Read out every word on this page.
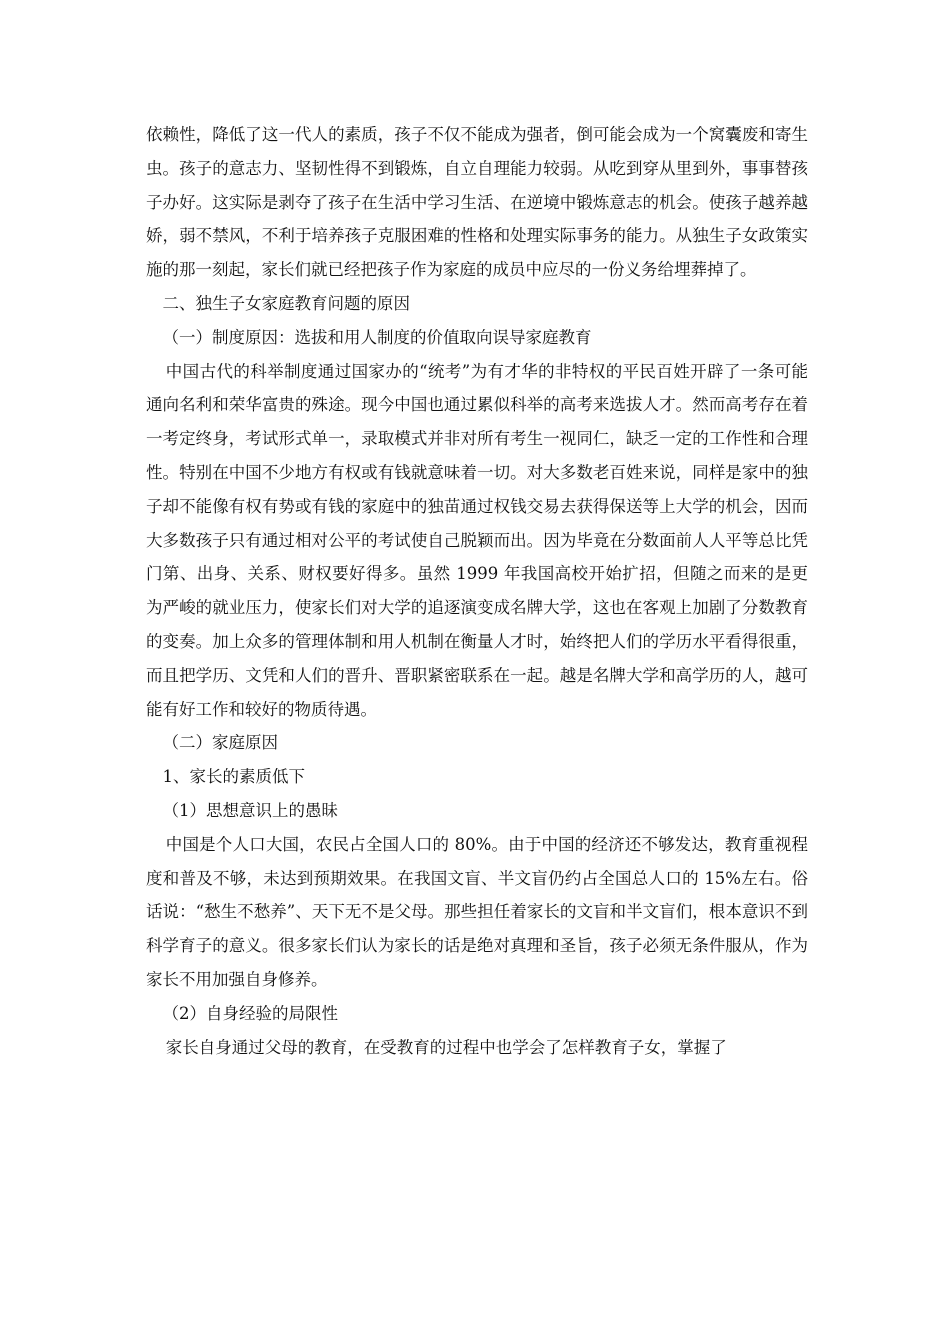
依赖性，降低了这一代人的素质，孩子不仅不能成为强者，倒可能会成为一个窝囊废和寄生虫。孩子的意志力、坚韧性得不到锻炼，自立自理能力较弱。从吃到穿从里到外，事事替孩子办好。这实际是剥夺了孩子在生活中学习生活、在逆境中锻炼意志的机会。使孩子越养越娇，弱不禁风，不利于培养孩子克服困难的性格和处理实际事务的能力。从独生子女政策实施的那一刻起，家长们就已经把孩子作为家庭的成员中应尽的一份义务给埋葬掉了。

二、独生子女家庭教育问题的原因

（一）制度原因：选拔和用人制度的价值取向误导家庭教育

中国古代的科举制度通过国家办的“统考”为有才华的非特权的平民百姓开辟了一条可能通向名利和荣华富贵的殊途。现今中国也通过累似科举的高考来选拔人才。然而高考存在着一考定终身，考试形式单一，录取模式并非对所有考生一视同仁，缺乏一定的工作性和合理性。特别在中国不少地方有权或有钱就意味着一切。对大多数老百姓来说，同样是家中的独子却不能像有权有势或有钱的家庭中的独苗通过权钱交易去获得保送等上大学的机会，因而大多数孩子只有通过相对公平的考试使自己脱颖而出。因为毕竟在分数面前人人平等总比凭门第、出身、关系、财权要好得多。虽然 1999 年我国高校开始扩招，但随之而来的是更为严峻的就业压力，使家长们对大学的追逐演变成名牌大学，这也在客观上加剧了分数教育的变奏。加上众多的管理体制和用人机制在衡量人才时，始终把人们的学历水平看得很重，而且把学历、文凭和人们的晋升、晋职紧密联系在一起。越是名牌大学和高学历的人，越可能有好工作和较好的物质待遇。

（二）家庭原因

1、家长的素质低下

（1）思想意识上的愚昧

中国是个人口大国，农民占全国人口的 80%。由于中国的经济还不够发达，教育重视程度和普及不够，未达到预期效果。在我国文盲、半文盲仍约占全国总人口的 15%左右。俗话说：“愁生不愁养”、天下无不是父母。那些担任着家长的文盲和半文盲们，根本意识不到科学育子的意义。很多家长们认为家长的话是绝对真理和圣旨，孩子必须无条件服从，作为家长不用加强自身修养。

（2）自身经验的局限性

家长自身通过父母的教育，在受教育的过程中也学会了怎样教育子女，掌握了
